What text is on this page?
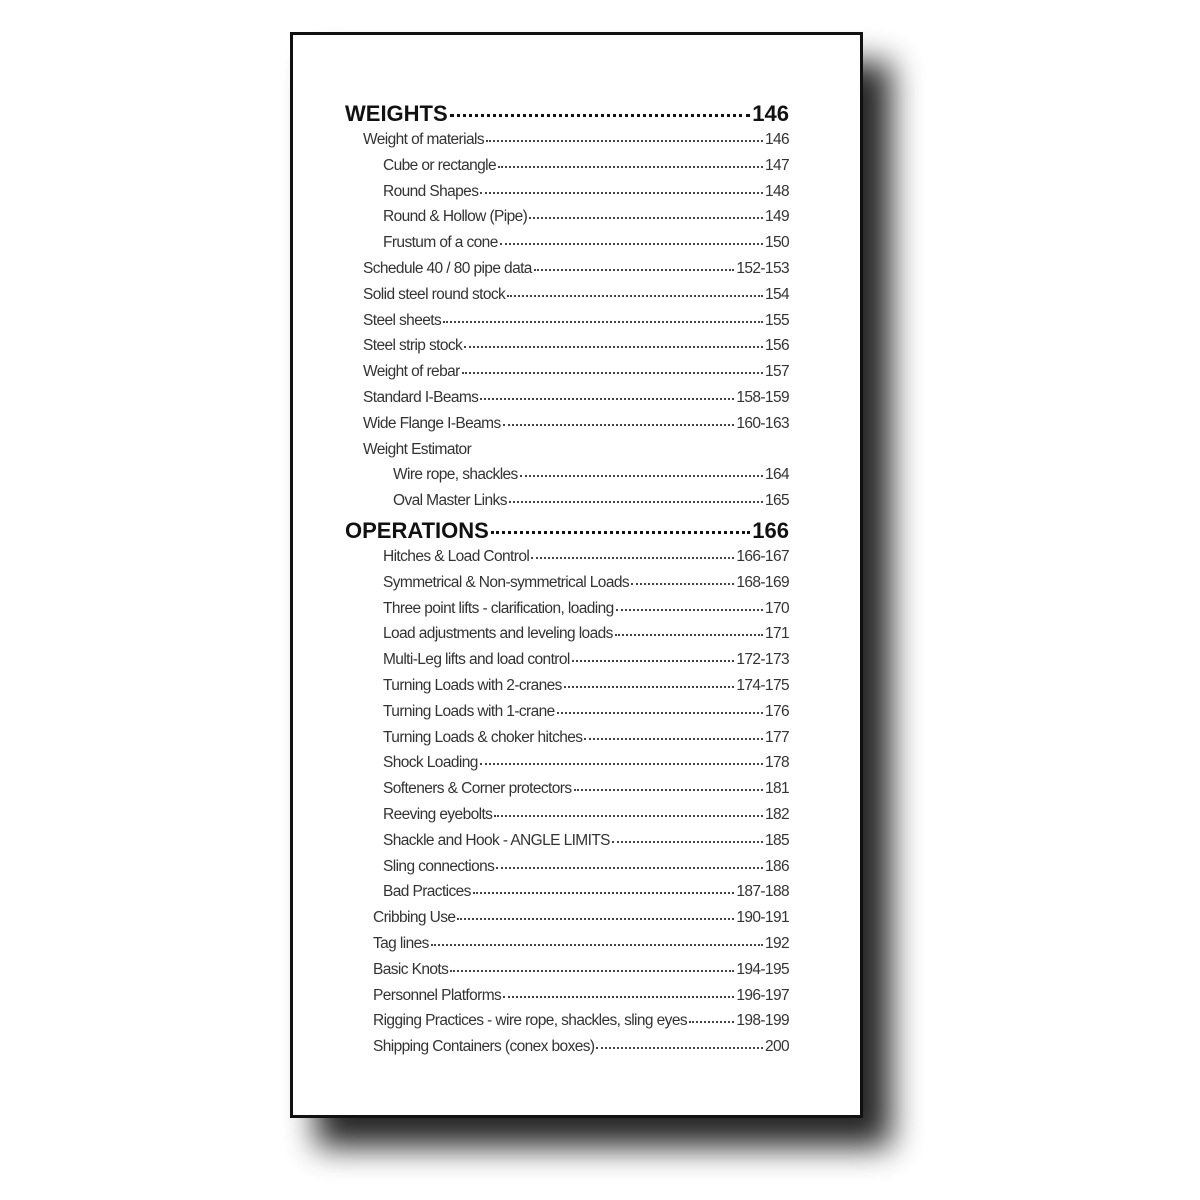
WEIGHTS	146
Weight of materials	146
Cube or rectangle	147
Round Shapes	148
Round & Hollow (Pipe)	149
Frustum of a cone	150
Schedule 40 / 80 pipe data	152-153
Solid steel round stock	154
Steel sheets	155
Steel strip stock	156
Weight of rebar	157
Standard I-Beams	158-159
Wide Flange I-Beams	160-163
Weight Estimator
Wire rope, shackles	164
Oval Master Links	165
OPERATIONS	166
Hitches & Load Control	166-167
Symmetrical & Non-symmetrical Loads	168-169
Three point lifts - clarification, loading	170
Load adjustments and leveling loads	171
Multi-Leg lifts and load control	172-173
Turning Loads with 2-cranes	174-175
Turning Loads with 1-crane	176
Turning Loads & choker hitches	177
Shock Loading	178
Softeners & Corner protectors	181
Reeving eyebolts	182
Shackle and Hook - ANGLE LIMITS	185
Sling connections	186
Bad Practices	187-188
Cribbing Use	190-191
Tag lines	192
Basic Knots	194-195
Personnel Platforms	196-197
Rigging Practices - wire rope, shackles, sling eyes	198-199
Shipping Containers (conex boxes)	200
